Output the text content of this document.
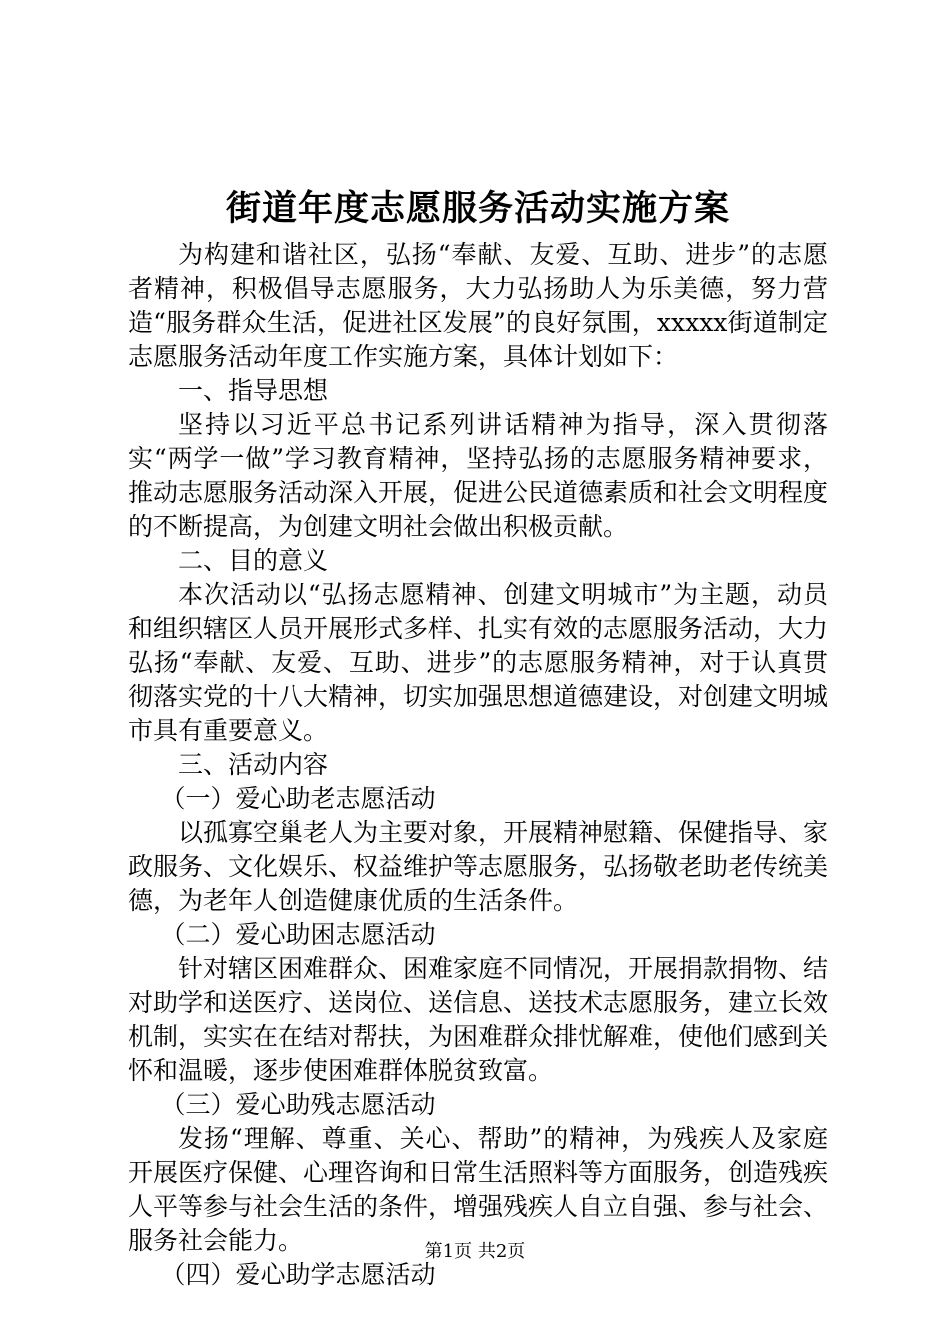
街道年度志愿服务活动实施方案

为构建和谐社区，弘扬“奉献、友爱、互助、进步”的志愿者精神，积极倡导志愿服务，大力弘扬助人为乐美德，努力营造“服务群众生活，促进社区发展”的良好氛围，xxxxx街道制定志愿服务活动年度工作实施方案，具体计划如下：

一、指导思想

坚持以习近平总书记系列讲话精神为指导，深入贯彻落实“两学一做”学习教育精神，坚持弘扬的志愿服务精神要求，推动志愿服务活动深入开展，促进公民道德素质和社会文明程度的不断提高，为创建文明社会做出积极贡献。

二、目的意义

本次活动以“弘扬志愿精神、创建文明城市”为主题，动员和组织辖区人员开展形式多样、扎实有效的志愿服务活动，大力弘扬“奉献、友爱、互助、进步”的志愿服务精神，对于认真贯彻落实党的十八大精神，切实加强思想道德建设，对创建文明城市具有重要意义。

三、活动内容

（一）爱心助老志愿活动

以孤寡空巢老人为主要对象，开展精神慰籍、保健指导、家政服务、文化娱乐、权益维护等志愿服务，弘扬敬老助老传统美德，为老年人创造健康优质的生活条件。

（二）爱心助困志愿活动

针对辖区困难群众、困难家庭不同情况，开展捐款捐物、结对助学和送医疗、送岗位、送信息、送技术志愿服务，建立长效机制，实实在在结对帮扶，为困难群众排忧解难，使他们感到关怀和温暖，逐步使困难群体脱贫致富。

（三）爱心助残志愿活动

发扬“理解、尊重、关心、帮助”的精神，为残疾人及家庭开展医疗保健、心理咨询和日常生活照料等方面服务，创造残疾人平等参与社会生活的条件，增强残疾人自立自强、参与社会、服务社会能力。

（四）爱心助学志愿活动

第1页 共2页
